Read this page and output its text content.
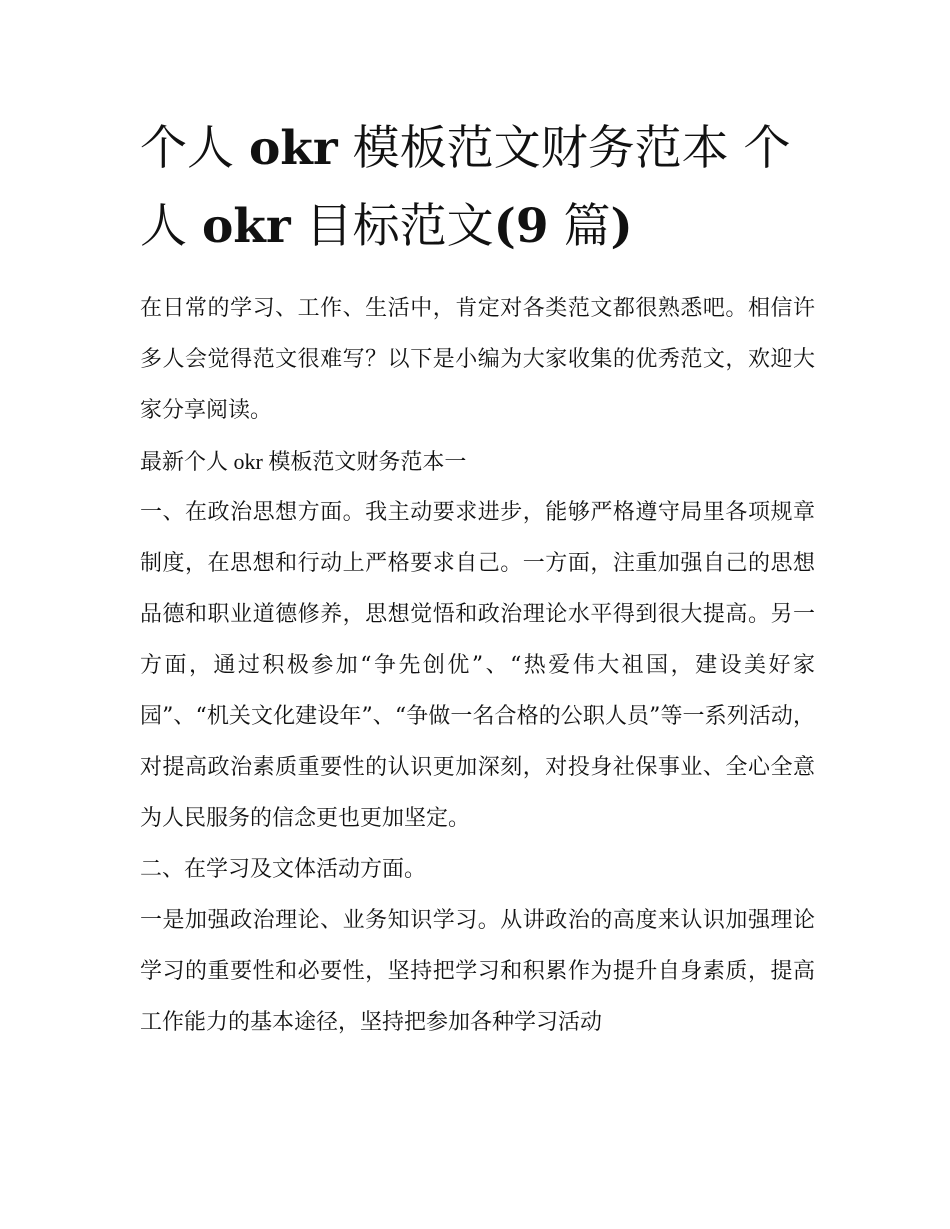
个人 okr 模板范文财务范本 个人 okr 目标范文(9 篇)

在日常的学习、工作、生活中，肯定对各类范文都很熟悉吧。相信许多人会觉得范文很难写？以下是小编为大家收集的优秀范文，欢迎大家分享阅读。

最新个人 okr 模板范文财务范本一

一、在政治思想方面。我主动要求进步，能够严格遵守局里各项规章制度，在思想和行动上严格要求自己。一方面，注重加强自己的思想品德和职业道德修养，思想觉悟和政治理论水平得到很大提高。另一方面，通过积极参加“争先创优”、“热爱伟大祖国，建设美好家园”、“机关文化建设年”、“争做一名合格的公职人员”等一系列活动，对提高政治素质重要性的认识更加深刻，对投身社保事业、全心全意为人民服务的信念更也更加坚定。

二、在学习及文体活动方面。

一是加强政治理论、业务知识学习。从讲政治的高度来认识加强理论学习的重要性和必要性，坚持把学习和积累作为提升自身素质，提高工作能力的基本途径，坚持把参加各种学习活动
